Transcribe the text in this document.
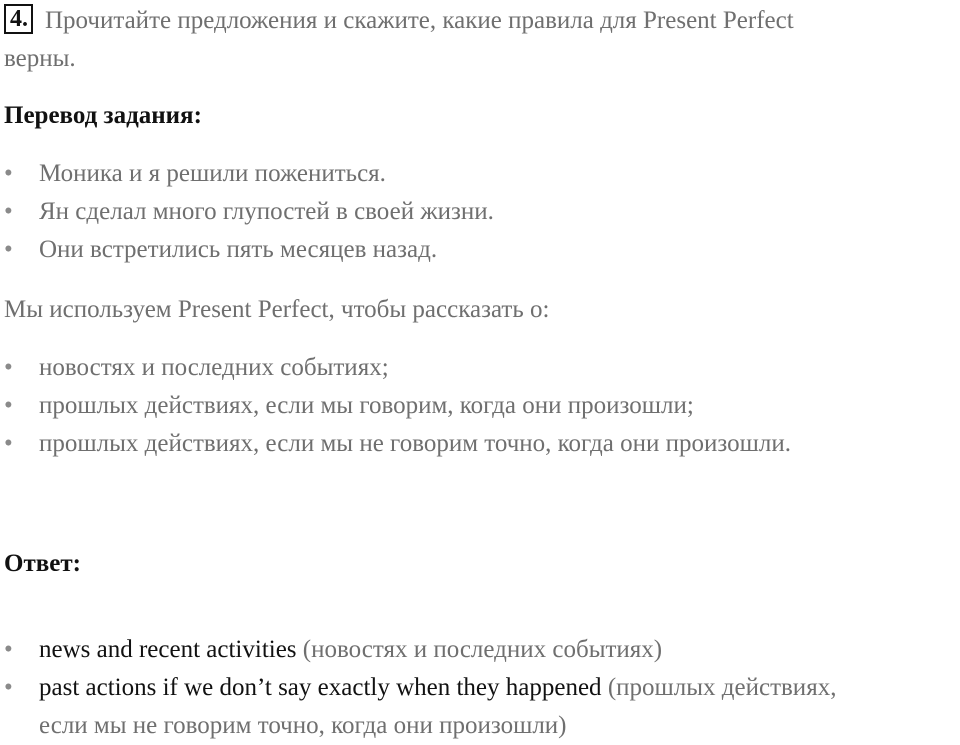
4. Прочитайте предложения и скажите, какие правила для Present Perfect
верны.
Перевод задания:
• Моника и я решили пожениться.
• Ян сделал много глупостей в своей жизни.
• Они встретились пять месяцев назад.
Мы используем Present Perfect, чтобы рассказать о:
• новостях и последних событиях;
• прошлых действиях, если мы говорим, когда они произошли;
• прошлых действиях, если мы не говорим точно, когда они произошли.
Ответ:
• news and recent activities (новостях и последних событиях)
• past actions if we don’t say exactly when they happened (прошлых действиях,
если мы не говорим точно, когда они произошли)
